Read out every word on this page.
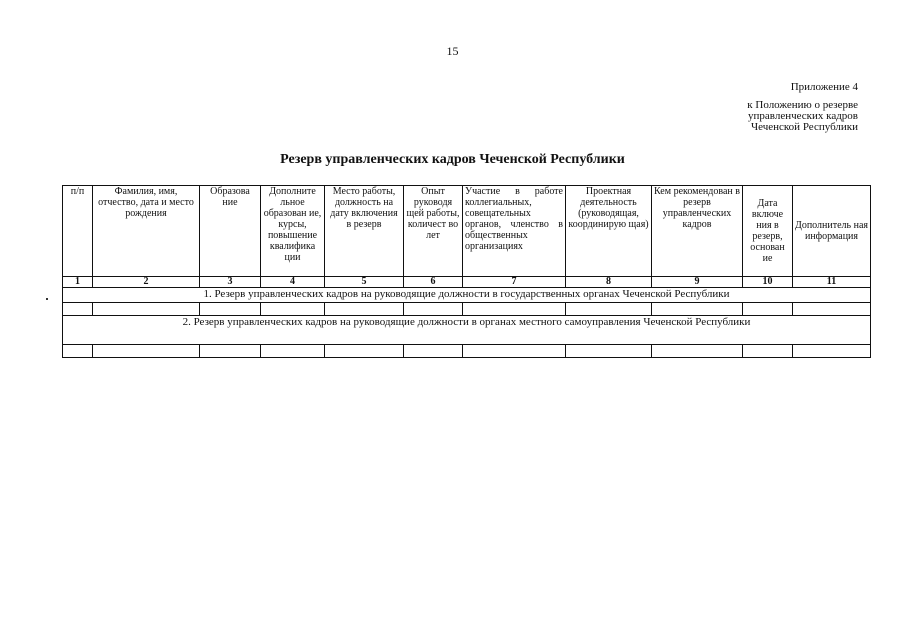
15
Приложение 4
к Положению о резерве
управленческих кадров
Чеченской Республики
Резерв управленческих кадров Чеченской Республики
п/п	Фамилия, имя, отчество, дата и место рождения	Образова ние	Дополните льное образован ие, курсы, повышение квалифика ции	Место работы, должность на дату включения в резерв	Опыт руководя щей работы, количест во лет	Участие в работе коллегиальных, совещательных органов, членство в общественных организациях	Проектная деятельность (руководящая, координирую щая)	Кем рекомендован в резерв управленческих кадров	Дата включе ния в резерв, основан ие	Дополнитель ная информация
1	2	3	4	5	6	7	8	9	10	11
1. Резерв управленческих кадров на руководящие должности в государственных органах Чеченской Республики										

2. Резерв управленческих кадров на руководящие должности в органах местного самоуправления Чеченской Республики										
